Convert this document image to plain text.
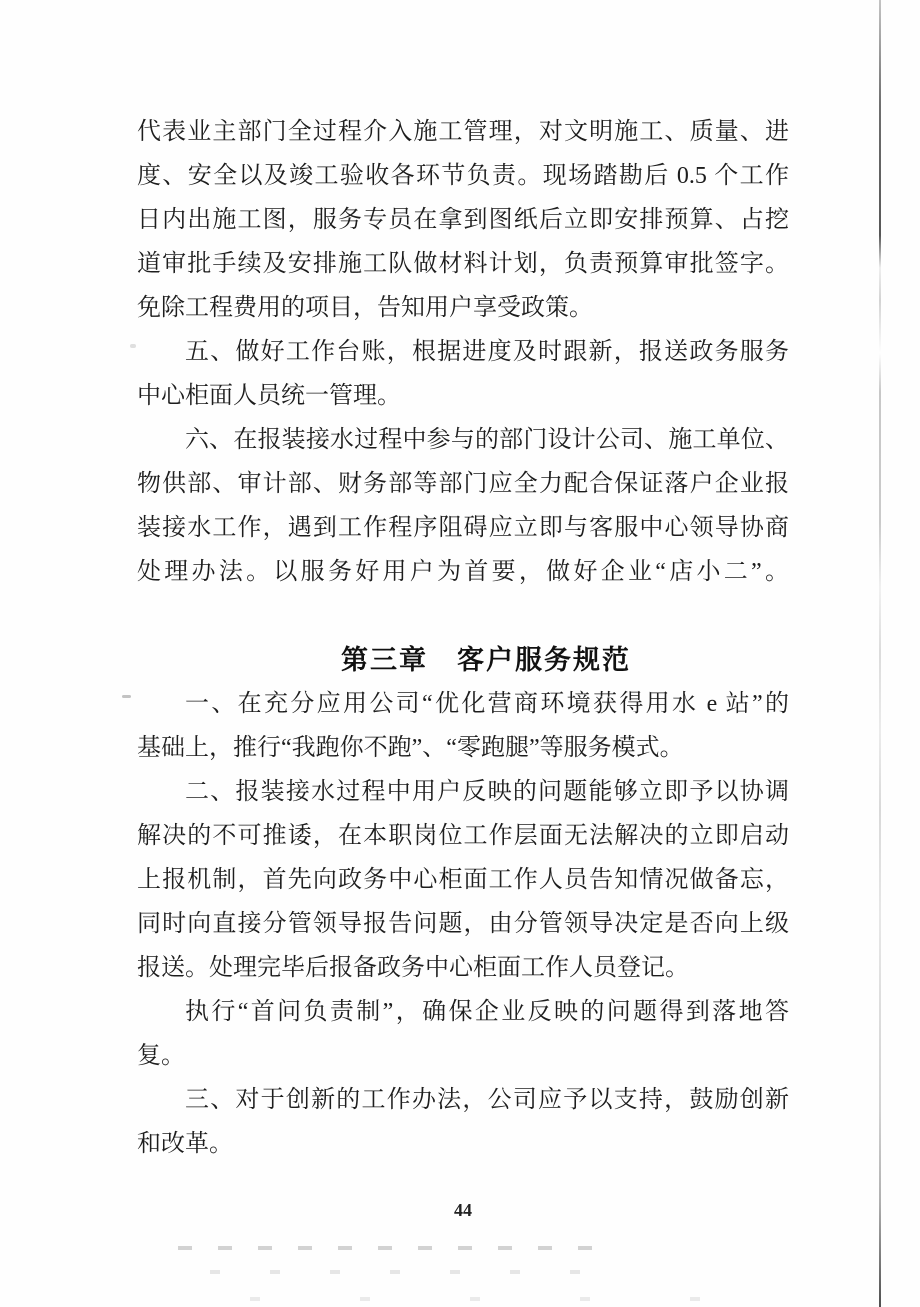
代表业主部门全过程介入施工管理，对文明施工、质量、进
度、安全以及竣工验收各环节负责。现场踏勘后 0.5 个工作
日内出施工图，服务专员在拿到图纸后立即安排预算、占挖
道审批手续及安排施工队做材料计划，负责预算审批签字。
免除工程费用的项目，告知用户享受政策。
五、做好工作台账，根据进度及时跟新，报送政务服务
中心柜面人员统一管理。
六、在报装接水过程中参与的部门设计公司、施工单位、
物供部、审计部、财务部等部门应全力配合保证落户企业报
装接水工作，遇到工作程序阻碍应立即与客服中心领导协商
处理办法。以服务好用户为首要，做好企业“店小二”。
第三章　客户服务规范
一、在充分应用公司“优化营商环境获得用水 e 站”的
基础上，推行“我跑你不跑”、“零跑腿”等服务模式。
二、报装接水过程中用户反映的问题能够立即予以协调
解决的不可推诿，在本职岗位工作层面无法解决的立即启动
上报机制，首先向政务中心柜面工作人员告知情况做备忘，
同时向直接分管领导报告问题，由分管领导决定是否向上级
报送。处理完毕后报备政务中心柜面工作人员登记。
执行“首问负责制”，确保企业反映的问题得到落地答
复。
三、对于创新的工作办法，公司应予以支持，鼓励创新
和改革。
44
